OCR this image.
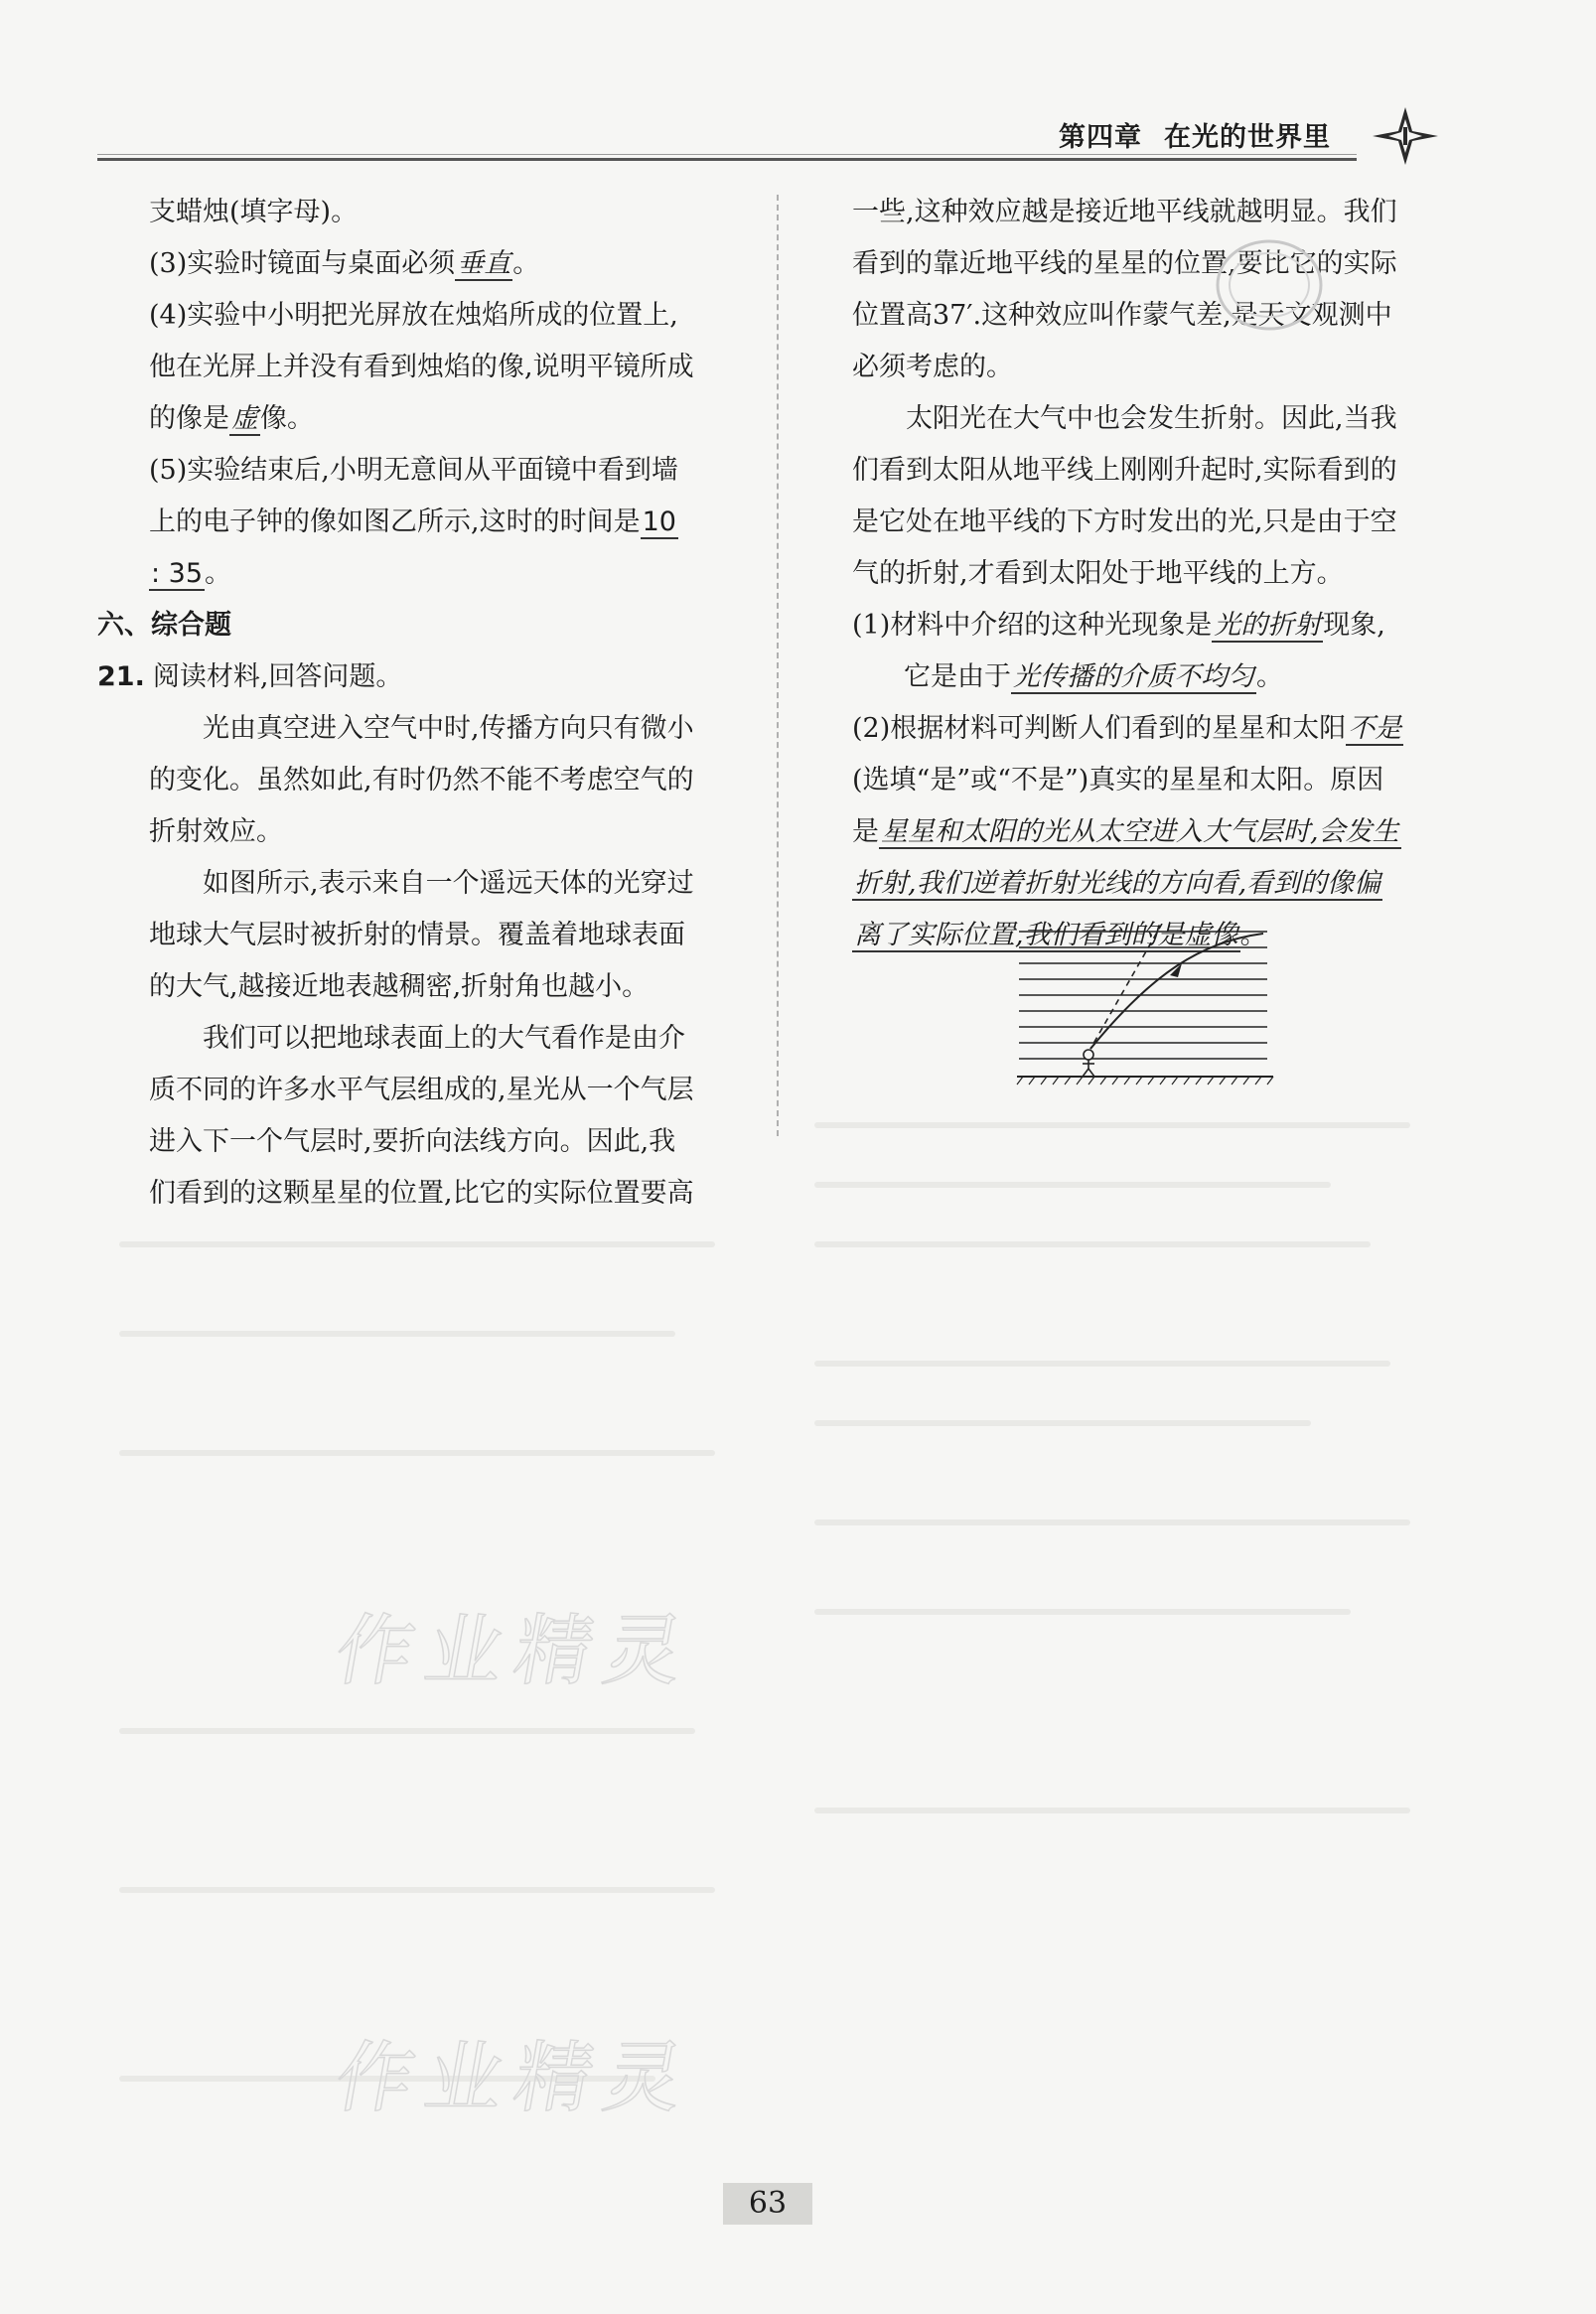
第四章 在光的世界里
支蜡烛(填字母)。
(3)实验时镜面与桌面必须垂直。
(4)实验中小明把光屏放在烛焰所成的位置上,
他在光屏上并没有看到烛焰的像,说明平镜所成
的像是虚像。
(5)实验结束后,小明无意间从平面镜中看到墙
上的电子钟的像如图乙所示,这时的时间是10
: 35。
六、综合题
21. 阅读材料,回答问题。
光由真空进入空气中时,传播方向只有微小
的变化。虽然如此,有时仍然不能不考虑空气的
折射效应。
如图所示,表示来自一个遥远天体的光穿过
地球大气层时被折射的情景。覆盖着地球表面
的大气,越接近地表越稠密,折射角也越小。
我们可以把地球表面上的大气看作是由介
质不同的许多水平气层组成的,星光从一个气层
进入下一个气层时,要折向法线方向。因此,我
们看到的这颗星星的位置,比它的实际位置要高
一些,这种效应越是接近地平线就越明显。我们
看到的靠近地平线的星星的位置,要比它的实际
位置高37′.这种效应叫作蒙气差,是天文观测中
必须考虑的。
太阳光在大气中也会发生折射。因此,当我
们看到太阳从地平线上刚刚升起时,实际看到的
是它处在地平线的下方时发出的光,只是由于空
气的折射,才看到太阳处于地平线的上方。
(1)材料中介绍的这种光现象是光的折射现象,
它是由于光传播的介质不均匀。
(2)根据材料可判断人们看到的星星和太阳不是
(选填“是”或“不是”)真实的星星和太阳。原因
是星星和太阳的光从太空进入大气层时,会发生
折射,我们逆着折射光线的方向看,看到的像偏
离了实际位置,我们看到的是虚像。
作业精灵
作业精灵
63
